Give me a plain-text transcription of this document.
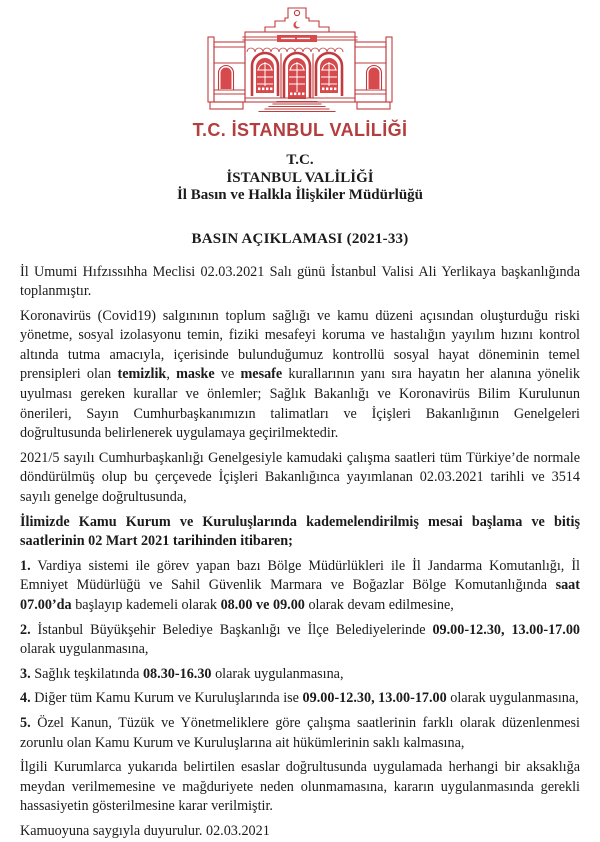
T.C. İSTANBUL VALİLİĞİ
T.C.
İSTANBUL VALİLİĞİ
İl Basın ve Halkla İlişkiler Müdürlüğü
BASIN AÇIKLAMASI (2021-33)

İl Umumi Hıfzıssıhha Meclisi 02.03.2021 Salı günü İstanbul Valisi Ali Yerlikaya başkanlığında toplanmıştır.

Koronavirüs (Covid19) salgınının toplum sağlığı ve kamu düzeni açısından oluşturduğu riski yönetme, sosyal izolasyonu temin, fiziki mesafeyi koruma ve hastalığın yayılım hızını kontrol altında tutma amacıyla, içerisinde bulunduğumuz kontrollü sosyal hayat döneminin temel prensipleri olan temizlik, maske ve mesafe kurallarının yanı sıra hayatın her alanına yönelik uyulması gereken kurallar ve önlemler; Sağlık Bakanlığı ve Koronavirüs Bilim Kurulunun önerileri, Sayın Cumhurbaşkanımızın talimatları ve İçişleri Bakanlığının Genelgeleri doğrultusunda belirlenerek uygulamaya geçirilmektedir.

2021/5 sayılı Cumhurbaşkanlığı Genelgesiyle kamudaki çalışma saatleri tüm Türkiye’de normale döndürülmüş olup bu çerçevede İçişleri Bakanlığınca yayımlanan 02.03.2021 tarihli ve 3514 sayılı genelge doğrultusunda,

İlimizde Kamu Kurum ve Kuruluşlarında kademelendirilmiş mesai başlama ve bitiş saatlerinin 02 Mart 2021 tarihinden itibaren;

1. Vardiya sistemi ile görev yapan bazı Bölge Müdürlükleri ile İl Jandarma Komutanlığı, İl Emniyet Müdürlüğü ve Sahil Güvenlik Marmara ve Boğazlar Bölge Komutanlığında saat 07.00’da başlayıp kademeli olarak 08.00 ve 09.00 olarak devam edilmesine,

2. İstanbul Büyükşehir Belediye Başkanlığı ve İlçe Belediyelerinde 09.00-12.30, 13.00-17.00 olarak uygulanmasına,

3. Sağlık teşkilatında 08.30-16.30 olarak uygulanmasına,

4. Diğer tüm Kamu Kurum ve Kuruluşlarında ise 09.00-12.30, 13.00-17.00 olarak uygulanmasına,

5. Özel Kanun, Tüzük ve Yönetmeliklere göre çalışma saatlerinin farklı olarak düzenlenmesi zorunlu olan Kamu Kurum ve Kuruluşlarına ait hükümlerinin saklı kalmasına,

İlgili Kurumlarca yukarıda belirtilen esaslar doğrultusunda uygulamada herhangi bir aksaklığa meydan verilmemesine ve mağduriyete neden olunmamasına, kararın uygulanmasında gerekli hassasiyetin gösterilmesine karar verilmiştir.

Kamuoyuna saygıyla duyurulur. 02.03.2021
